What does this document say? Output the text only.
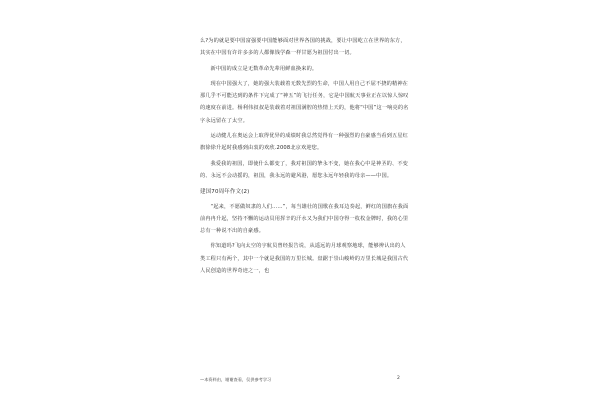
么?为的就是要中国富强要中国能够面对世界各国的挑战，要让中国屹立在世界的东方，其实在中国有许许多多的人都像钱学森一样甘愿为祖国付出一切。

新中国的成立是无数革命先辈用鲜血换来的。

现在中国强大了，她的强大装载着无数先烈的生命，中国人用自己不屈不挠的精神在那几乎不可能达到的条件下完成了“神五”的飞行任务，它是中国航天事业正在以惊人惊叹的速度在前进。杨利伟叔叔是装载着对祖国满腔的热情上天的，他将“中国”这一响亮的名字永远留在了太空。

运动健儿在奥运会上取得优异的成绩时我总然觉得有一种强烈的自豪感当看到五星红旗徐徐升起时我感到由衷的欢欣.2008北京欢迎您。

我爱我的祖国，即使什么都变了，我对祖国的挚永不变，她在我心中是神圣的、不变的、永远不会动摇的，祖国，我永远的避风港，愿您永远年轻我的母亲——中国。

建国70周年作文(2)

“起来，不愿做奴隶的人们……”，每当雄壮的国歌在我耳边奏起，鲜红的国旗在我面前冉冉升起，坚持不懈的运动员用挥辛的汗水又为我们中国夺得一枚枚金牌时，我的心里总有一种说不出的自豪感。

你知道吗?飞向太空的宇航员曾经报告说，从遥远的月球观察地球，能够辨认出的人类工程只有两个，其中一个就是我国的万里长城。盘踞于崇山峻岭的万里长城是我国古代人民创造的世界奇迹之一，也

—本资料由，谢谢查看，仅供参考学习	2
